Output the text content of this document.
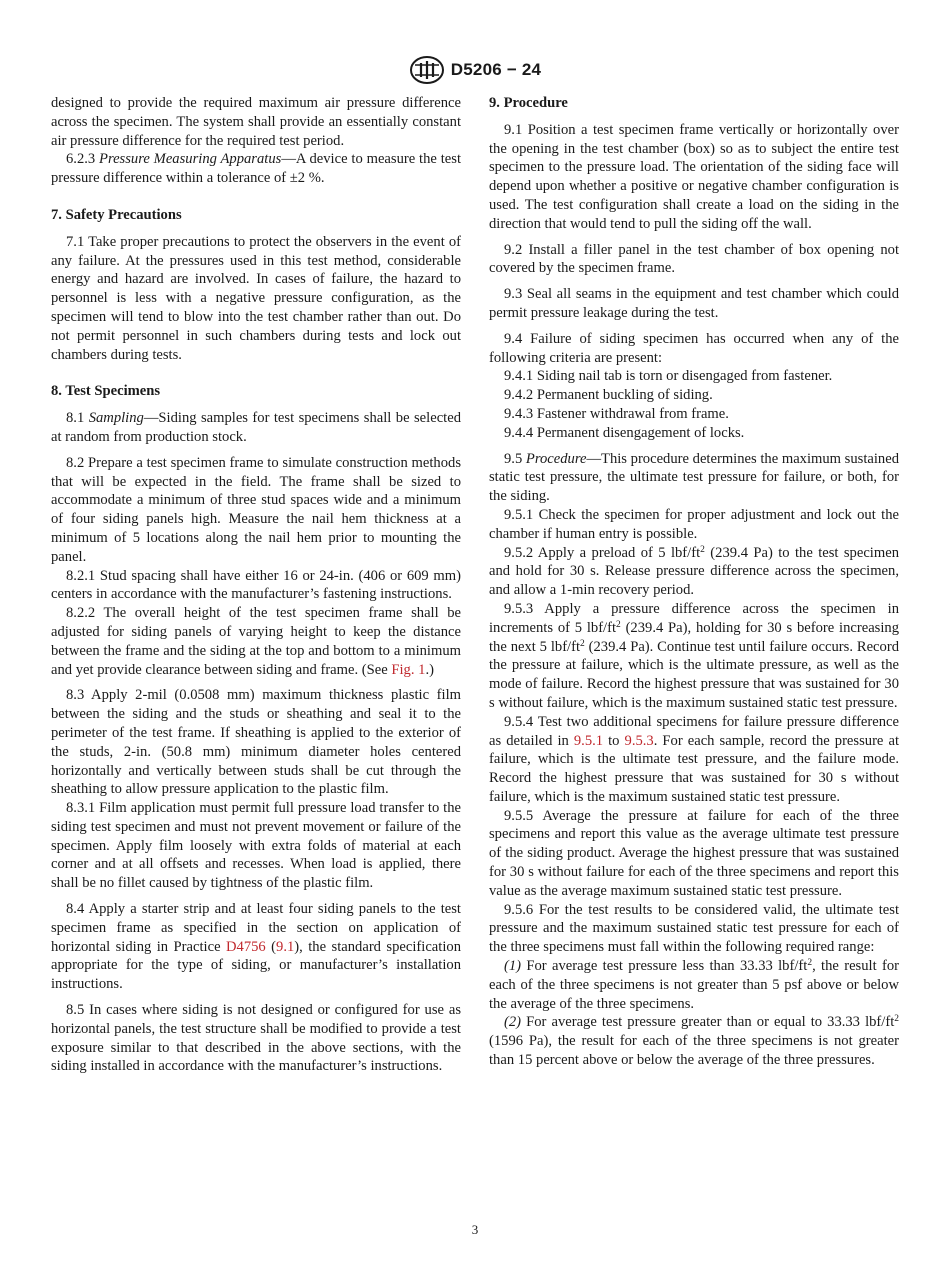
D5206 − 24

designed to provide the required maximum air pressure difference across the specimen. The system shall provide an essentially constant air pressure difference for the required test period.

6.2.3 Pressure Measuring Apparatus—A device to measure the test pressure difference within a tolerance of ±2 %.

7. Safety Precautions

7.1 Take proper precautions to protect the observers in the event of any failure. At the pressures used in this test method, considerable energy and hazard are involved. In cases of failure, the hazard to personnel is less with a negative pressure configuration, as the specimen will tend to blow into the test chamber rather than out. Do not permit personnel in such chambers during tests and lock out chambers during tests.

8. Test Specimens

8.1 Sampling—Siding samples for test specimens shall be selected at random from production stock.

8.2 Prepare a test specimen frame to simulate construction methods that will be expected in the field. The frame shall be sized to accommodate a minimum of three stud spaces wide and a minimum of four siding panels high. Measure the nail hem thickness at a minimum of 5 locations along the nail hem prior to mounting the panel.

8.2.1 Stud spacing shall have either 16 or 24-in. (406 or 609 mm) centers in accordance with the manufacturer’s fastening instructions.

8.2.2 The overall height of the test specimen frame shall be adjusted for siding panels of varying height to keep the distance between the frame and the siding at the top and bottom to a minimum and yet provide clearance between siding and frame. (See Fig. 1.)

8.3 Apply 2-mil (0.0508 mm) maximum thickness plastic film between the siding and the studs or sheathing and seal it to the perimeter of the test frame. If sheathing is applied to the exterior of the studs, 2-in. (50.8 mm) minimum diameter holes centered horizontally and vertically between studs shall be cut through the sheathing to allow pressure application to the plastic film.

8.3.1 Film application must permit full pressure load transfer to the siding test specimen and must not prevent movement or failure of the specimen. Apply film loosely with extra folds of material at each corner and at all offsets and recesses. When load is applied, there shall be no fillet caused by tightness of the plastic film.

8.4 Apply a starter strip and at least four siding panels to the test specimen frame as specified in the section on application of horizontal siding in Practice D4756 (9.1), the standard specification appropriate for the type of siding, or manufacturer’s installation instructions.

8.5 In cases where siding is not designed or configured for use as horizontal panels, the test structure shall be modified to provide a test exposure similar to that described in the above sections, with the siding installed in accordance with the manufacturer’s instructions.

9. Procedure

9.1 Position a test specimen frame vertically or horizontally over the opening in the test chamber (box) so as to subject the entire test specimen to the pressure load. The orientation of the siding face will depend upon whether a positive or negative chamber configuration is used. The test configuration shall create a load on the siding in the direction that would tend to pull the siding off the wall.

9.2 Install a filler panel in the test chamber of box opening not covered by the specimen frame.

9.3 Seal all seams in the equipment and test chamber which could permit pressure leakage during the test.

9.4 Failure of siding specimen has occurred when any of the following criteria are present:

9.4.1 Siding nail tab is torn or disengaged from fastener.

9.4.2 Permanent buckling of siding.

9.4.3 Fastener withdrawal from frame.

9.4.4 Permanent disengagement of locks.

9.5 Procedure—This procedure determines the maximum sustained static test pressure, the ultimate test pressure for failure, or both, for the siding.

9.5.1 Check the specimen for proper adjustment and lock out the chamber if human entry is possible.

9.5.2 Apply a preload of 5 lbf/$ft^2$ (239.4 Pa) to the test specimen and hold for 30 s. Release pressure difference across the specimen, and allow a 1-min recovery period.

9.5.3 Apply a pressure difference across the specimen in increments of 5 lbf/$ft^2$ (239.4 Pa), holding for 30 s before increasing the next 5 lbf/$ft^2$ (239.4 Pa). Continue test until failure occurs. Record the pressure at failure, which is the ultimate pressure, as well as the mode of failure. Record the highest pressure that was sustained for 30 s without failure, which is the maximum sustained static test pressure.

9.5.4 Test two additional specimens for failure pressure difference as detailed in 9.5.1 to 9.5.3. For each sample, record the pressure at failure, which is the ultimate test pressure, and the failure mode. Record the highest pressure that was sustained for 30 s without failure, which is the maximum sustained static test pressure.

9.5.5 Average the pressure at failure for each of the three specimens and report this value as the average ultimate test pressure of the siding product. Average the highest pressure that was sustained for 30 s without failure for each of the three specimens and report this value as the average maximum sustained static test pressure.

9.5.6 For the test results to be considered valid, the ultimate test pressure and the maximum sustained static test pressure for each of the three specimens must fall within the following required range:

(1) For average test pressure less than 33.33 lbf/$ft^2$, the result for each of the three specimens is not greater than 5 psf above or below the average of the three specimens.

(2) For average test pressure greater than or equal to 33.33 lbf/$ft^2$ (1596 Pa), the result for each of the three specimens is not greater than 15 percent above or below the average of the three pressures.

3
